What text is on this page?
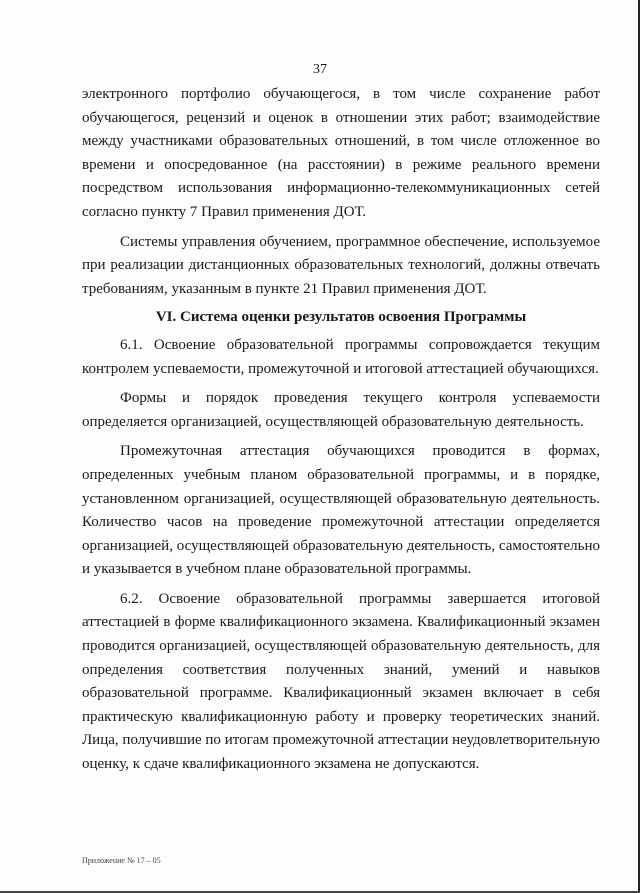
37

электронного портфолио обучающегося, в том числе сохранение работ обучающегося, рецензий и оценок в отношении этих работ; взаимодействие между участниками образовательных отношений, в том числе отложенное во времени и опосредованное (на расстоянии) в режиме реального времени посредством использования информационно-телекоммуникационных сетей согласно пункту 7 Правил применения ДОТ.

Системы управления обучением, программное обеспечение, используемое при реализации дистанционных образовательных технологий, должны отвечать требованиям, указанным в пункте 21 Правил применения ДОТ.

VI. Система оценки результатов освоения Программы

6.1. Освоение образовательной программы сопровождается текущим контролем успеваемости, промежуточной и итоговой аттестацией обучающихся.

Формы и порядок проведения текущего контроля успеваемости определяется организацией, осуществляющей образовательную деятельность.

Промежуточная аттестация обучающихся проводится в формах, определенных учебным планом образовательной программы, и в порядке, установленном организацией, осуществляющей образовательную деятельность. Количество часов на проведение промежуточной аттестации определяется организацией, осуществляющей образовательную деятельность, самостоятельно и указывается в учебном плане образовательной программы.

6.2. Освоение образовательной программы завершается итоговой аттестацией в форме квалификационного экзамена. Квалификационный экзамен проводится организацией, осуществляющей образовательную деятельность, для определения соответствия полученных знаний, умений и навыков образовательной программе. Квалификационный экзамен включает в себя практическую квалификационную работу и проверку теоретических знаний. Лица, получившие по итогам промежуточной аттестации неудовлетворительную оценку, к сдаче квалификационного экзамена не допускаются.

Приложение № 17 – 05
